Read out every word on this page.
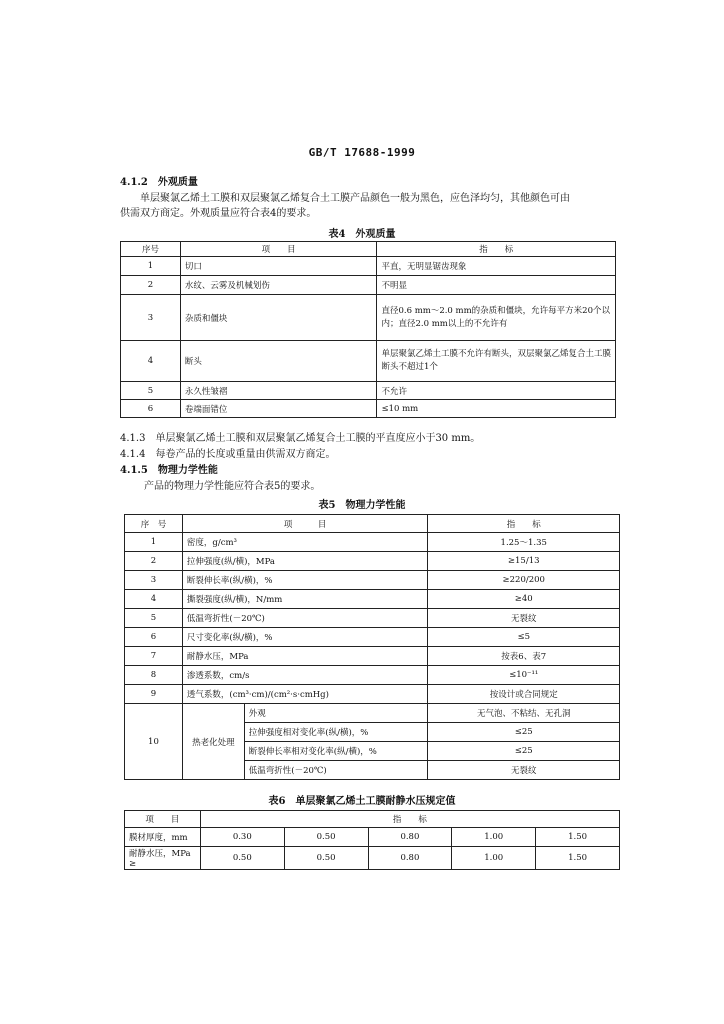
GB/T 17688-1999
4.1.2　外观质量
单层聚氯乙烯土工膜和双层聚氯乙烯复合土工膜产品颜色一般为黑色，应色泽均匀，其他颜色可由
供需双方商定。外观质量应符合表4的要求。
表4　外观质量
序号	项　　目	指　　标
1	切口	平直，无明显锯齿现象
2	水纹、云雾及机械划伤	不明显
3	杂质和僵块	直径0.6 mm～2.0 mm的杂质和僵块，允许每平方米20个以内；直径2.0 mm以上的不允许有
4	断头	单层聚氯乙烯土工膜不允许有断头，双层聚氯乙烯复合土工膜断头不超过1个
5	永久性皱褶	不允许
6	卷端面错位	≤10 mm
4.1.3　单层聚氯乙烯土工膜和双层聚氯乙烯复合土工膜的平直度应小于30 mm。
4.1.4　每卷产品的长度或重量由供需双方商定。
4.1.5　物理力学性能
产品的物理力学性能应符合表5的要求。
表5　物理力学性能
序　号	项　　　目		指　　标
1	密度，g/cm³		1.25～1.35
2	拉伸强度(纵/横)，MPa		≥15/13
3	断裂伸长率(纵/横)，%		≥220/200
4	撕裂强度(纵/横)，N/mm		≥40
5	低温弯折性(－20℃)		无裂纹
6	尺寸变化率(纵/横)，%		≤5
7	耐静水压，MPa		按表6、表7
8	渗透系数，cm/s		≤10⁻¹¹
9	透气系数，(cm³·cm)/(cm²·s·cmHg)		按设计或合同规定
10	热老化处理	外观	无气泡、不粘结、无孔洞
		拉伸强度相对变化率(纵/横)，%	≤25
		断裂伸长率相对变化率(纵/横)，%	≤25
		低温弯折性(－20℃)	无裂纹
表6　单层聚氯乙烯土工膜耐静水压规定值
项　　目	指　　标				
膜材厚度，mm	0.30	0.50	0.80	1.00	1.50
耐静水压，MPa　≥	0.50	0.50	0.80	1.00	1.50
